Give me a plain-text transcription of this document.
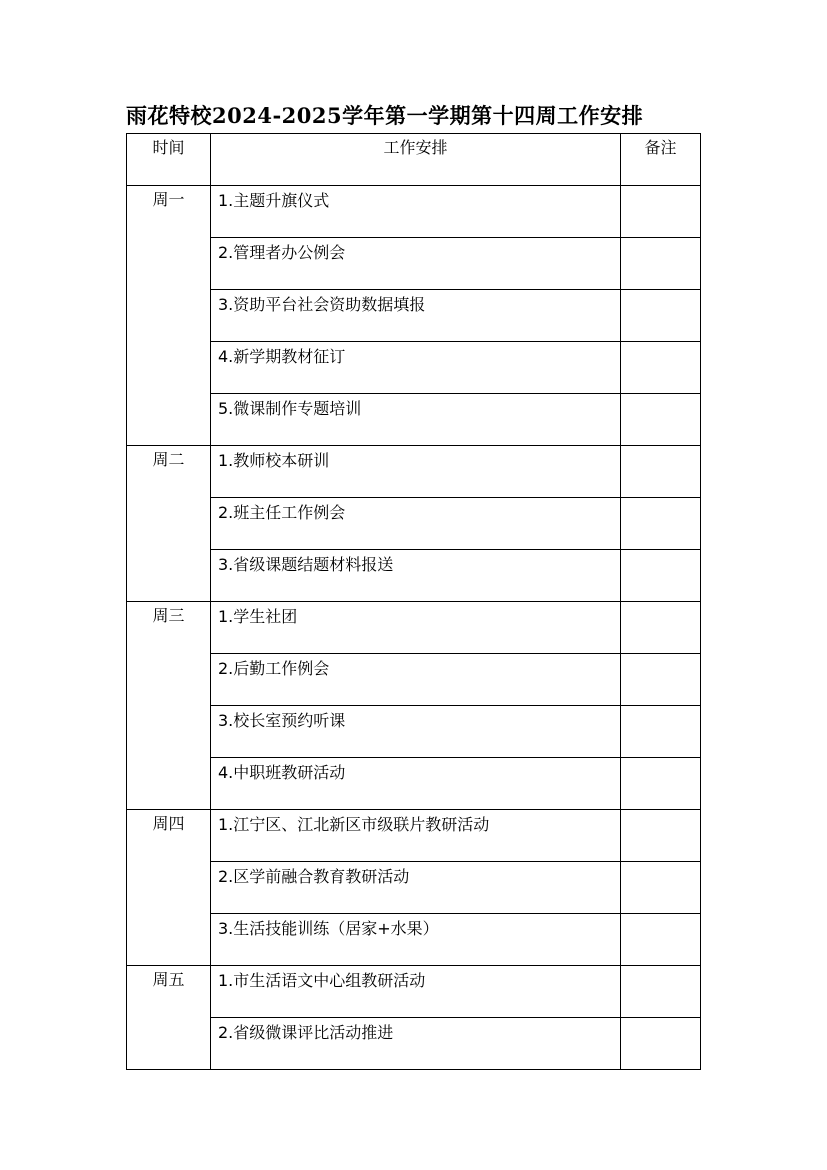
雨花特校2024-2025学年第一学期第十四周工作安排
时间	工作安排	备注

周一	1.主题升旗仪式	

	2.管理者办公例会	

	3.资助平台社会资助数据填报	

	4.新学期教材征订	

	5.微课制作专题培训	

周二	1.教师校本研训	

	2.班主任工作例会	

	3.省级课题结题材料报送	

周三	1.学生社团	

	2.后勤工作例会	

	3.校长室预约听课	

	4.中职班教研活动	

周四	1.江宁区、江北新区市级联片教研活动	

	2.区学前融合教育教研活动	

	3.生活技能训练（居家+水果）	

周五	1.市生活语文中心组教研活动	

	2.省级微课评比活动推进	
